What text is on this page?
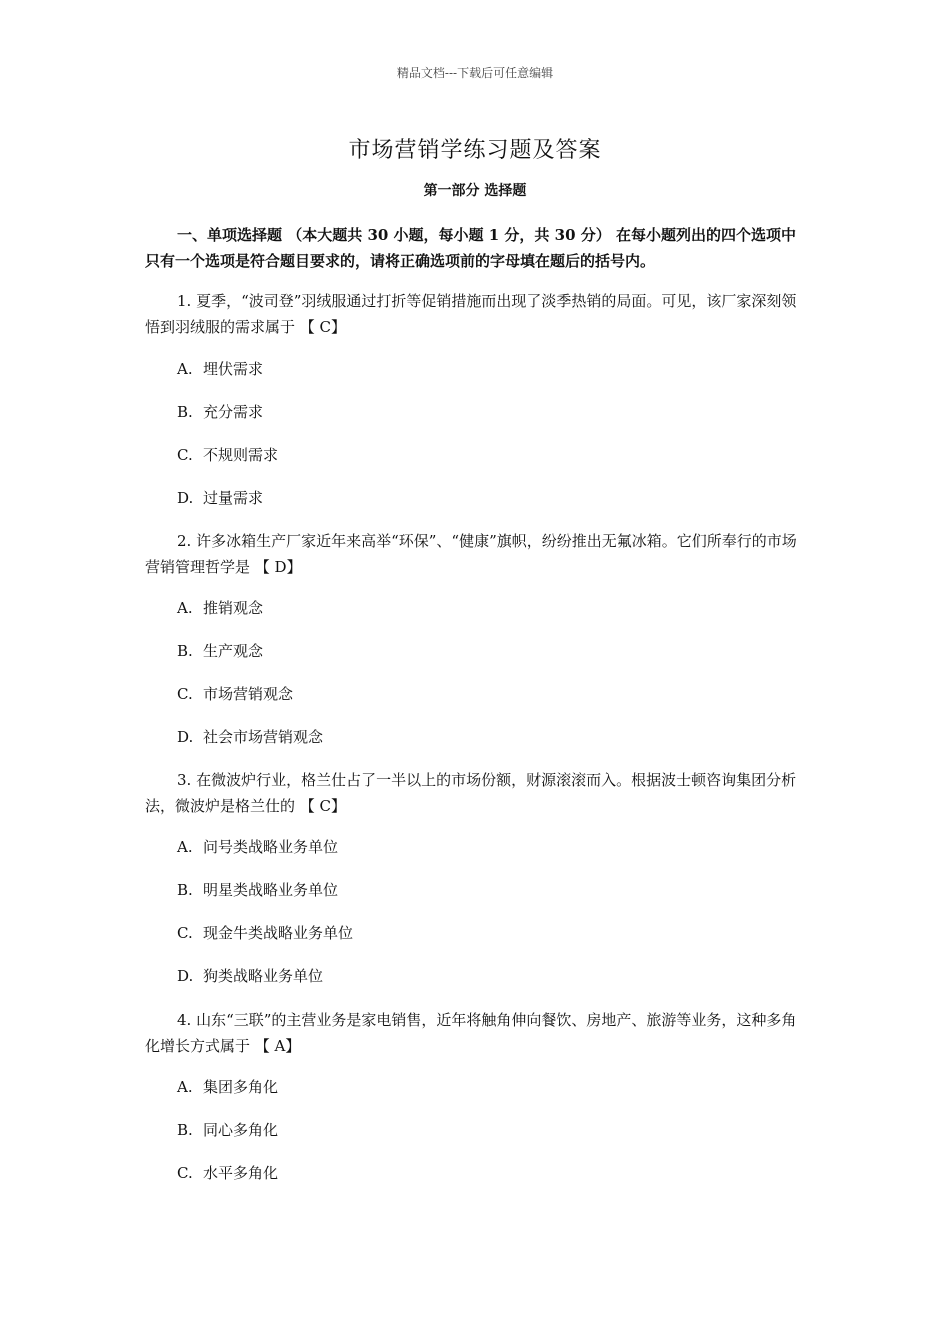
精品文档---下载后可任意编辑
市场营销学练习题及答案
第一部分 选择题
一、单项选择题 （本大题共 30 小题，每小题 1 分，共 30 分） 在每小题列出的四个选项中只有一个选项是符合题目要求的，请将正确选项前的字母填在题后的括号内。
1. 夏季，“波司登”羽绒服通过打折等促销措施而出现了淡季热销的局面。可见，该厂家深刻领悟到羽绒服的需求属于 【 C】
A. 埋伏需求
B. 充分需求
C. 不规则需求
D. 过量需求
2. 许多冰箱生产厂家近年来高举“环保”、“健康”旗帜，纷纷推出无氟冰箱。它们所奉行的市场营销管理哲学是 【 D】
A. 推销观念
B. 生产观念
C. 市场营销观念
D. 社会市场营销观念
3. 在微波炉行业，格兰仕占了一半以上的市场份额，财源滚滚而入。根据波士顿咨询集团分析法，微波炉是格兰仕的 【 C】
A. 问号类战略业务单位
B. 明星类战略业务单位
C. 现金牛类战略业务单位
D. 狗类战略业务单位
4. 山东“三联”的主营业务是家电销售，近年将触角伸向餐饮、房地产、旅游等业务，这种多角化增长方式属于 【 A】
A. 集团多角化
B. 同心多角化
C. 水平多角化
